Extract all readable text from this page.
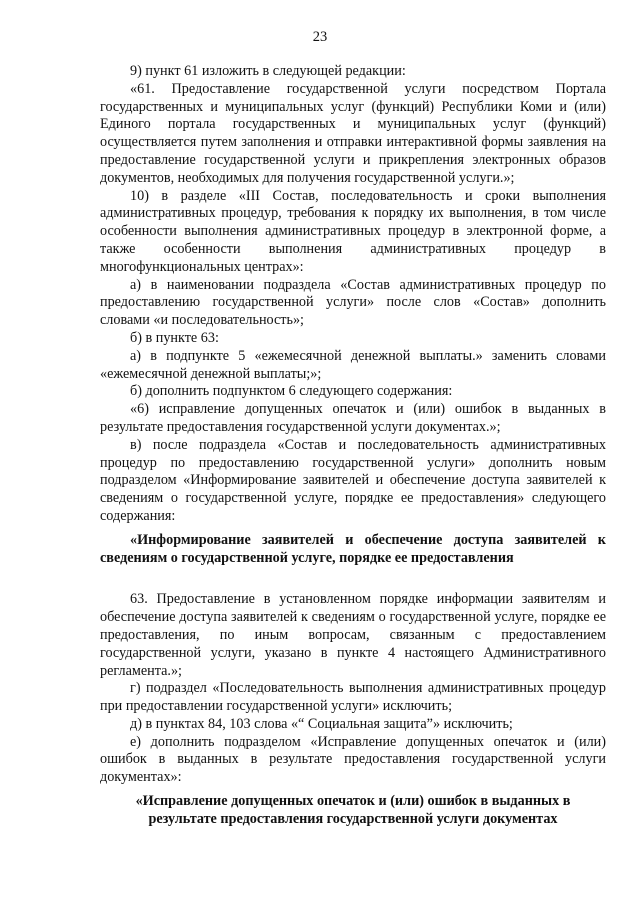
23

9) пункт 61 изложить в следующей редакции:

«61. Предоставление государственной услуги посредством Портала государственных и муниципальных услуг (функций) Республики Коми и (или) Единого портала государственных и муниципальных услуг (функций) осуществляется путем заполнения и отправки интерактивной формы заявления на предоставление государственной услуги и прикрепления электронных образов документов, необходимых для получения государственной услуги.»;

10) в разделе «III Состав, последовательность и сроки выполнения административных процедур, требования к порядку их выполнения, в том числе особенности выполнения административных процедур в электронной форме, а также особенности выполнения административных процедур в многофункциональных центрах»:

а) в наименовании подраздела «Состав административных процедур по предоставлению государственной услуги» после слов «Состав» дополнить словами «и последовательность»;

б) в пункте 63:

а) в подпункте 5 «ежемесячной денежной выплаты.» заменить словами «ежемесячной денежной выплаты;»;

б) дополнить подпунктом 6 следующего содержания:

«6) исправление допущенных опечаток и (или) ошибок в выданных в результате предоставления государственной услуги документах.»;

в) после подраздела «Состав и последовательность административных процедур по предоставлению государственной услуги» дополнить новым подразделом «Информирование заявителей и обеспечение доступа заявителей к сведениям о государственной услуге, порядке ее предоставления» следующего содержания:

«Информирование заявителей и обеспечение доступа заявителей к сведениям о государственной услуге, порядке ее предоставления

63. Предоставление в установленном порядке информации заявителям и обеспечение доступа заявителей к сведениям о государственной услуге, порядке ее предоставления, по иным вопросам, связанным с предоставлением государственной услуги, указано в пункте 4 настоящего Административного регламента.»;

г) подраздел «Последовательность выполнения административных процедур при предоставлении государственной услуги» исключить;

д) в пунктах 84, 103 слова «“ Социальная защита”» исключить;

е) дополнить подразделом «Исправление допущенных опечаток и (или) ошибок в выданных в результате предоставления государственной услуги документах»:

«Исправление допущенных опечаток и (или) ошибок в выданных в результате предоставления государственной услуги документах
